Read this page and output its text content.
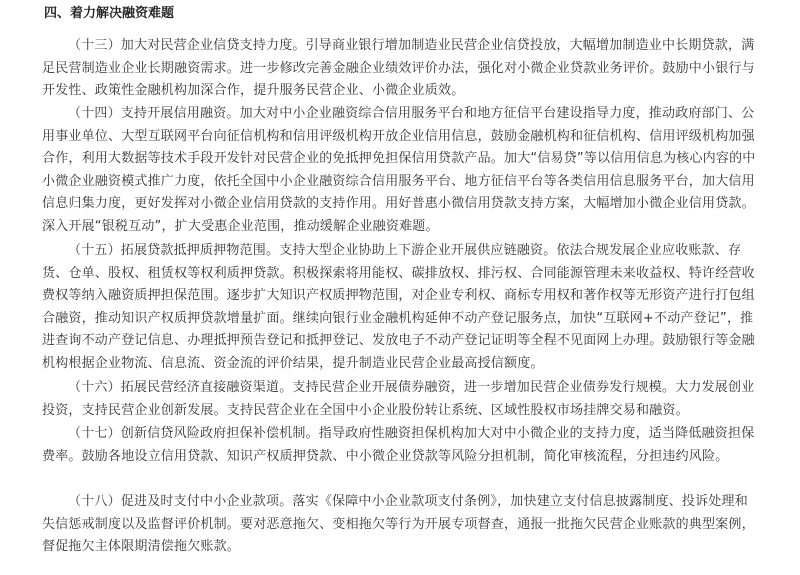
四、着力解决融资难题

（十三）加大对民营企业信贷支持力度。引导商业银行增加制造业民营企业信贷投放，大幅增加制造业中长期贷款，满足民营制造业企业长期融资需求。进一步修改完善金融企业绩效评价办法，强化对小微企业贷款业务评价。鼓励中小银行与开发性、政策性金融机构加深合作，提升服务民营企业、小微企业质效。

（十四）支持开展信用融资。加大对中小企业融资综合信用服务平台和地方征信平台建设指导力度，推动政府部门、公用事业单位、大型互联网平台向征信机构和信用评级机构开放企业信用信息，鼓励金融机构和征信机构、信用评级机构加强合作，利用大数据等技术手段开发针对民营企业的免抵押免担保信用贷款产品。加大“信易贷”等以信用信息为核心内容的中小微企业融资模式推广力度，依托全国中小企业融资综合信用服务平台、地方征信平台等各类信用信息服务平台，加大信用信息归集力度，更好发挥对小微企业信用贷款的支持作用。用好普惠小微信用贷款支持方案，大幅增加小微企业信用贷款。深入开展“银税互动”，扩大受惠企业范围，推动缓解企业融资难题。

（十五）拓展贷款抵押质押物范围。支持大型企业协助上下游企业开展供应链融资。依法合规发展企业应收账款、存货、仓单、股权、租赁权等权利质押贷款。积极探索将用能权、碳排放权、排污权、合同能源管理未来收益权、特许经营收费权等纳入融资质押担保范围。逐步扩大知识产权质押物范围，对企业专利权、商标专用权和著作权等无形资产进行打包组合融资，推动知识产权质押贷款增量扩面。继续向银行业金融机构延伸不动产登记服务点，加快“互联网+不动产登记”，推进查询不动产登记信息、办理抵押预告登记和抵押登记、发放电子不动产登记证明等全程不见面网上办理。鼓励银行等金融机构根据企业物流、信息流、资金流的评价结果，提升制造业民营企业最高授信额度。

（十六）拓展民营经济直接融资渠道。支持民营企业开展债券融资，进一步增加民营企业债券发行规模。大力发展创业投资，支持民营企业创新发展。支持民营企业在全国中小企业股份转让系统、区域性股权市场挂牌交易和融资。

（十七）创新信贷风险政府担保补偿机制。指导政府性融资担保机构加大对中小微企业的支持力度，适当降低融资担保费率。鼓励各地设立信用贷款、知识产权质押贷款、中小微企业贷款等风险分担机制，简化审核流程，分担违约风险。

（十八）促进及时支付中小企业款项。落实《保障中小企业款项支付条例》，加快建立支付信息披露制度、投诉处理和失信惩戒制度以及监督评价机制。要对恶意拖欠、变相拖欠等行为开展专项督查，通报一批拖欠民营企业账款的典型案例，督促拖欠主体限期清偿拖欠账款。
